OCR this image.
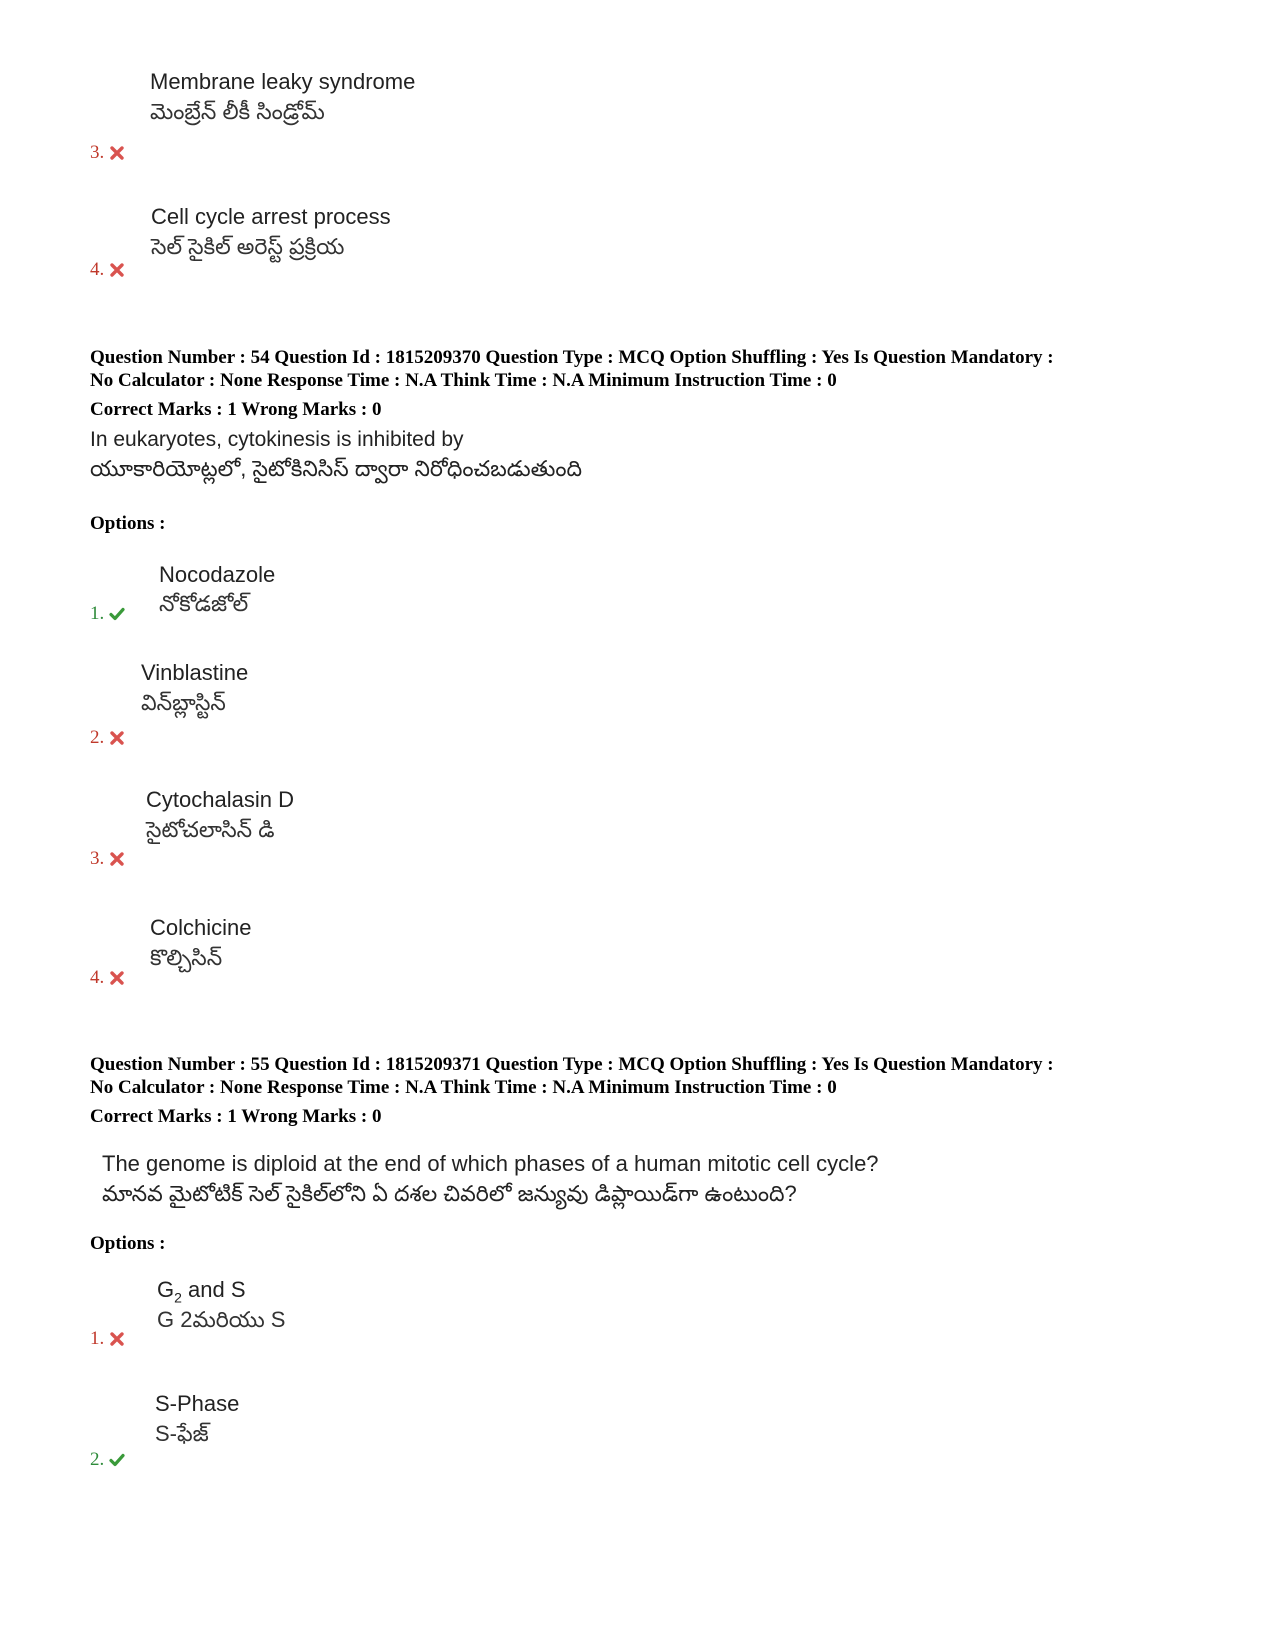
Membrane leaky syndrome
మెంబ్రేన్ లీకీ సిండ్రోమ్
3.
Cell cycle arrest process
సెల్ సైకిల్ అరెస్ట్ ప్రక్రియ
4.
Question Number : 54 Question Id : 1815209370 Question Type : MCQ Option Shuffling : Yes Is Question Mandatory :
No Calculator : None Response Time : N.A Think Time : N.A Minimum Instruction Time : 0
Correct Marks : 1 Wrong Marks : 0
In eukaryotes, cytokinesis is inhibited by
యూకారియోట్లలో, సైటోకినిసిస్ ద్వారా నిరోధించబడుతుంది
Options :
Nocodazole
నోకోడజోల్
1.
Vinblastine
విన్‌బ్లాస్టిన్
2.
Cytochalasin D
సైటోచలాసిన్ డి
3.
Colchicine
కొల్చిసిన్
4.
Question Number : 55 Question Id : 1815209371 Question Type : MCQ Option Shuffling : Yes Is Question Mandatory :
No Calculator : None Response Time : N.A Think Time : N.A Minimum Instruction Time : 0
Correct Marks : 1 Wrong Marks : 0
The genome is diploid at the end of which phases of a human mitotic cell cycle?
మానవ మైటోటిక్ సెల్ సైకిల్‌లోని ఏ దశల చివరిలో జన్యువు డిప్లాయిడ్‌గా ఉంటుంది?
Options :
$G_2$ and S
G 2మరియు S
1.
S-Phase
S-ఫేజ్
2.
